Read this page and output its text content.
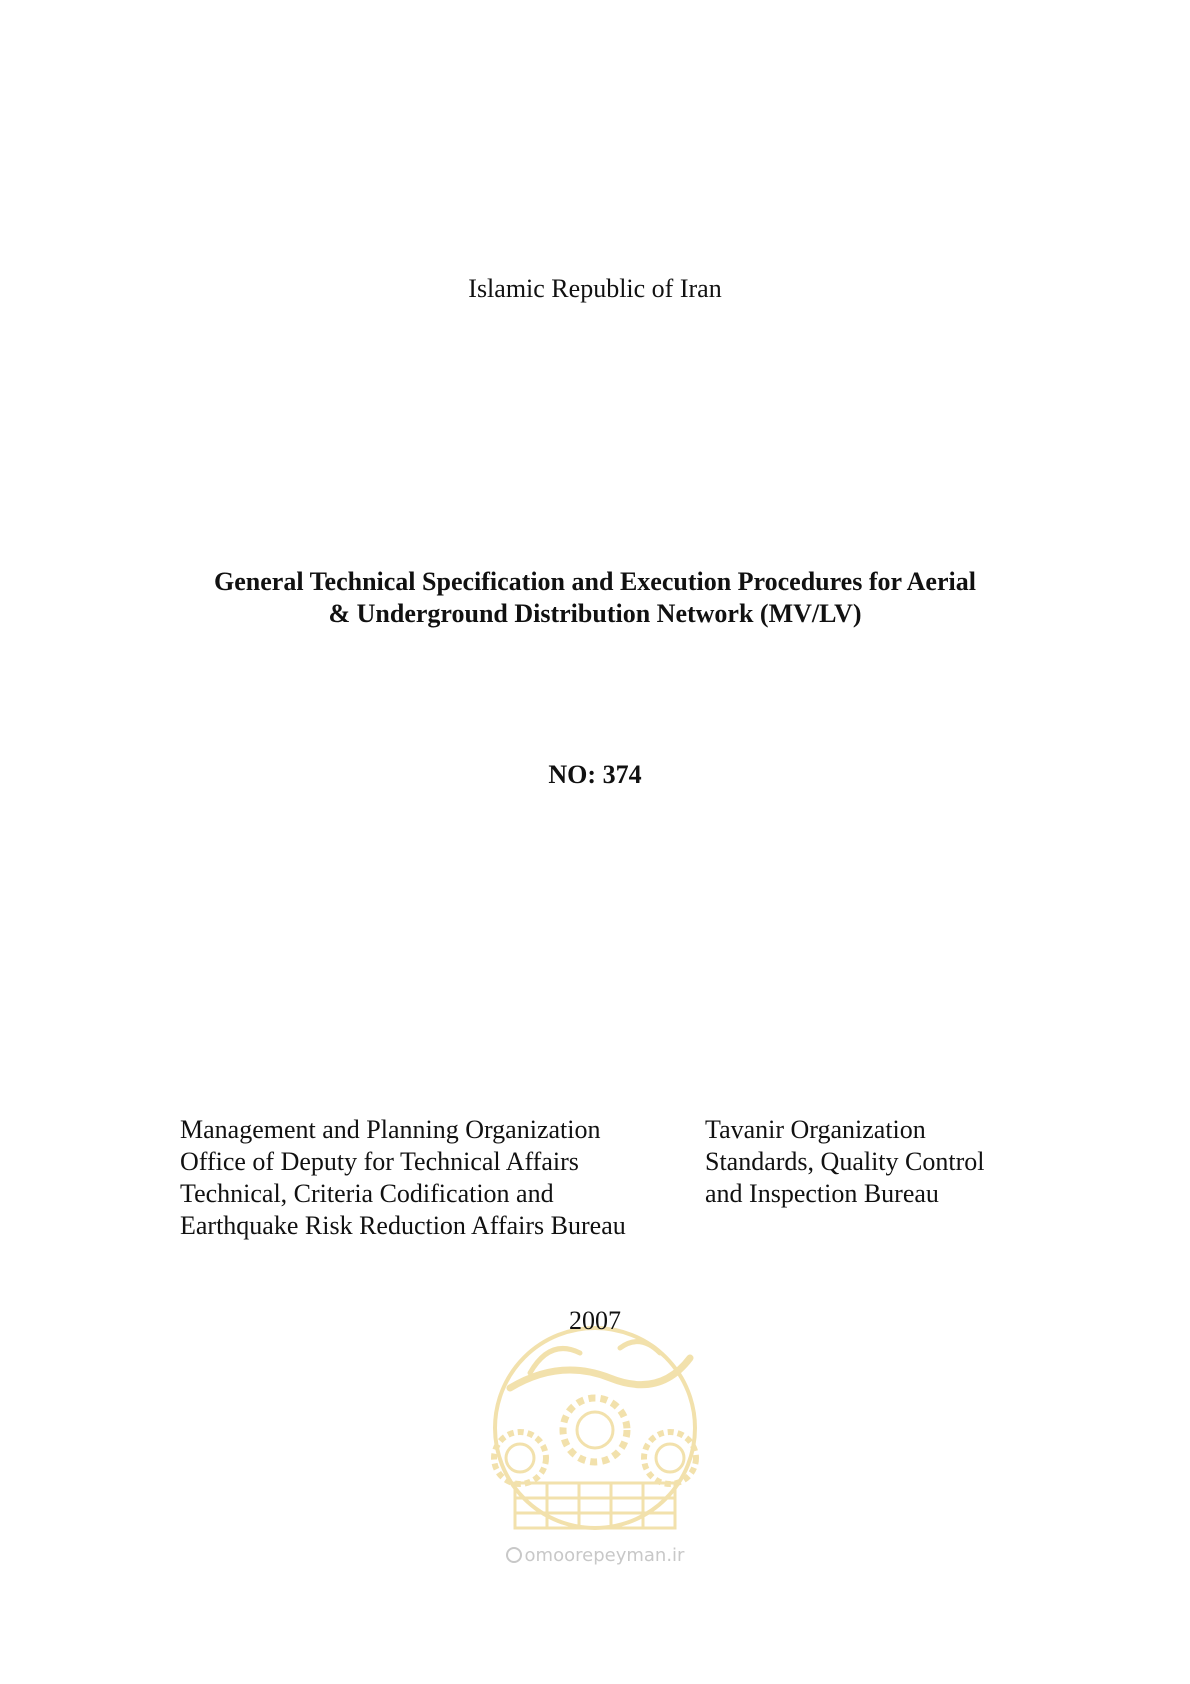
Islamic Republic of Iran

General Technical Specification and Execution Procedures for Aerial
& Underground Distribution Network (MV/LV)

NO: 374

Management and Planning Organization
Office of Deputy for Technical Affairs
Technical, Criteria Codification and
Earthquake Risk Reduction Affairs Bureau
Tavanir Organization
Standards, Quality Control
and Inspection Bureau

2007

omoorepeyman.ir
